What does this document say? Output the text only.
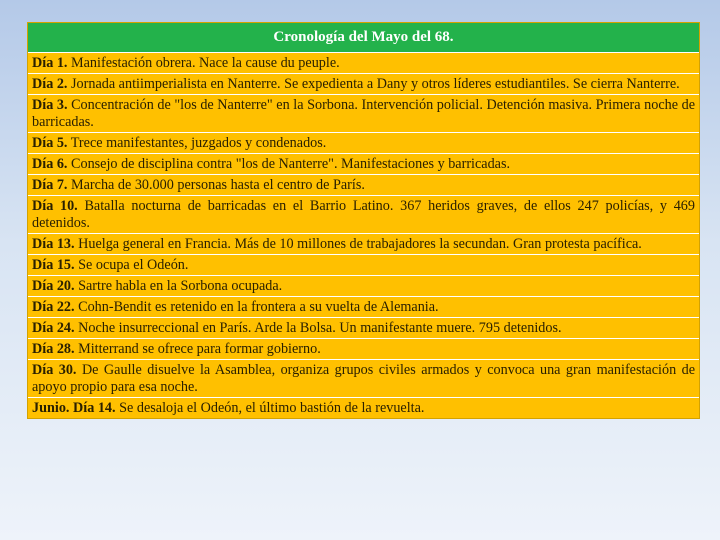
Cronología del Mayo del 68.
Día 1. Manifestación obrera. Nace la cause du peuple.
Día 2. Jornada antiimperialista en Nanterre. Se expedienta a Dany y otros líderes estudiantiles. Se cierra Nanterre.
Día 3. Concentración de "los de Nanterre" en la Sorbona. Intervención policial. Detención masiva. Primera noche de barricadas.
Día 5. Trece manifestantes, juzgados y condenados.
Día 6. Consejo de disciplina contra "los de Nanterre". Manifestaciones y barricadas.
Día 7. Marcha de 30.000 personas hasta el centro de París.
Día 10. Batalla nocturna de barricadas en el Barrio Latino. 367 heridos graves, de ellos 247 policías, y 469 detenidos.
Día 13. Huelga general en Francia. Más de 10 millones de trabajadores la secundan. Gran protesta pacífica.
Día 15. Se ocupa el Odeón.
Día 20. Sartre habla en la Sorbona ocupada.
Día 22. Cohn-Bendit es retenido en la frontera a su vuelta de Alemania.
Día 24. Noche insurreccional en París. Arde la Bolsa. Un manifestante muere. 795 detenidos.
Día 28. Mitterrand se ofrece para formar gobierno.
Día 30. De Gaulle disuelve la Asamblea, organiza grupos civiles armados y convoca una gran manifestación de apoyo propio para esa noche.
Junio. Día 14. Se desaloja el Odeón, el último bastión de la revuelta.
